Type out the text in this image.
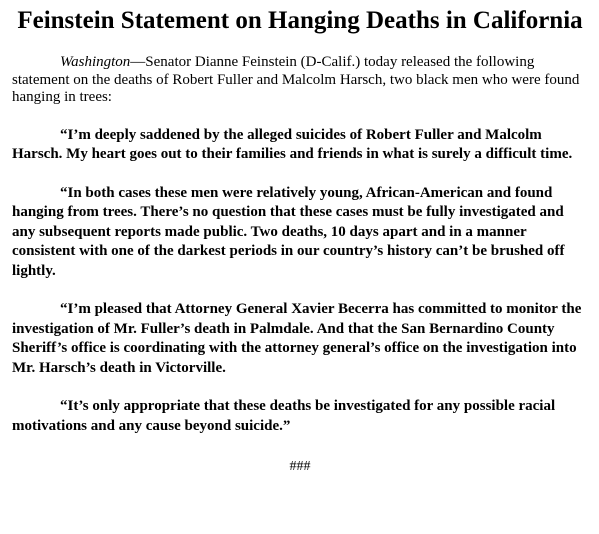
Feinstein Statement on Hanging Deaths in California

Washington—Senator Dianne Feinstein (D-Calif.) today released the following statement on the deaths of Robert Fuller and Malcolm Harsch, two black men who were found hanging in trees:

“I’m deeply saddened by the alleged suicides of Robert Fuller and Malcolm Harsch. My heart goes out to their families and friends in what is surely a difficult time.

“In both cases these men were relatively young, African-American and found hanging from trees. There’s no question that these cases must be fully investigated and any subsequent reports made public. Two deaths, 10 days apart and in a manner consistent with one of the darkest periods in our country’s history can’t be brushed off lightly.

“I’m pleased that Attorney General Xavier Becerra has committed to monitor the investigation of Mr. Fuller’s death in Palmdale. And that the San Bernardino County Sheriff’s office is coordinating with the attorney general’s office on the investigation into Mr. Harsch’s death in Victorville.

“It’s only appropriate that these deaths be investigated for any possible racial motivations and any cause beyond suicide.”

###
